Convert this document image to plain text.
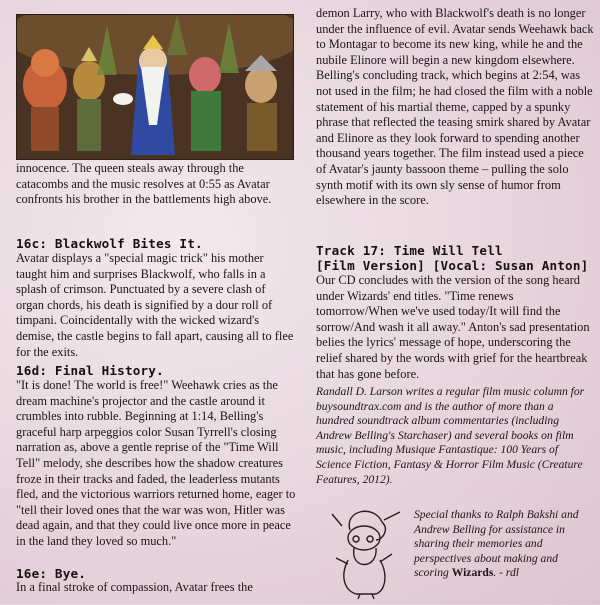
innocence. The queen steals away through the catacombs and the music resolves at 0:55 as Avatar confronts his brother in the battlements high above.

16c: Blackwolf Bites It.

Avatar displays a "special magic trick" his mother taught him and surprises Blackwolf, who falls in a splash of crimson. Punctuated by a severe clash of organ chords, his death is signified by a dour roll of timpani. Coincidentally with the wicked wizard's demise, the castle begins to fall apart, causing all to flee for the exits.

16d: Final History.

"It is done! The world is free!" Weehawk cries as the dream machine's projector and the castle around it crumbles into rubble. Beginning at 1:14, Belling's graceful harp arpeggios color Susan Tyrrell's closing narration as, above a gentle reprise of the "Time Will Tell" melody, she describes how the shadow creatures froze in their tracks and faded, the leaderless mutants fled, and the victorious warriors returned home, eager to "tell their loved ones that the war was won, Hitler was dead again, and that they could live once more in peace in the land they loved so much."

16e: Bye.

In a final stroke of compassion, Avatar frees the

demon Larry, who with Blackwolf's death is no longer under the influence of evil. Avatar sends Weehawk back to Montagar to become its new king, while he and the nubile Elinore will begin a new kingdom elsewhere. Belling's concluding track, which begins at 2:54, was not used in the film; he had closed the film with a noble statement of his martial theme, capped by a spunky phrase that reflected the teasing smirk shared by Avatar and Elinore as they look forward to spending another thousand years together. The film instead used a piece of Avatar's jaunty bassoon theme – pulling the solo synth motif with its own sly sense of humor from elsewhere in the score.

Track 17: Time Will Tell

[Film Version] [Vocal: Susan Anton]

Our CD concludes with the version of the song heard under Wizards' end titles. "Time renews tomorrow/When we've used today/It will find the sorrow/And wash it all away." Anton's sad presentation belies the lyrics' message of hope, underscoring the relief shared by the words with grief for the heartbreak that has gone before.

Randall D. Larson writes a regular film music column for buysoundtrax.com and is the author of more than a hundred soundtrack album commentaries (including Andrew Belling's Starchaser) and several books on film music, including Musique Fantastique: 100 Years of Science Fiction, Fantasy & Horror Film Music (Creature Features, 2012).

Special thanks to Ralph Bakshi and Andrew Belling for assistance in sharing their memories and perspectives about making and scoring Wizards. - rdl
